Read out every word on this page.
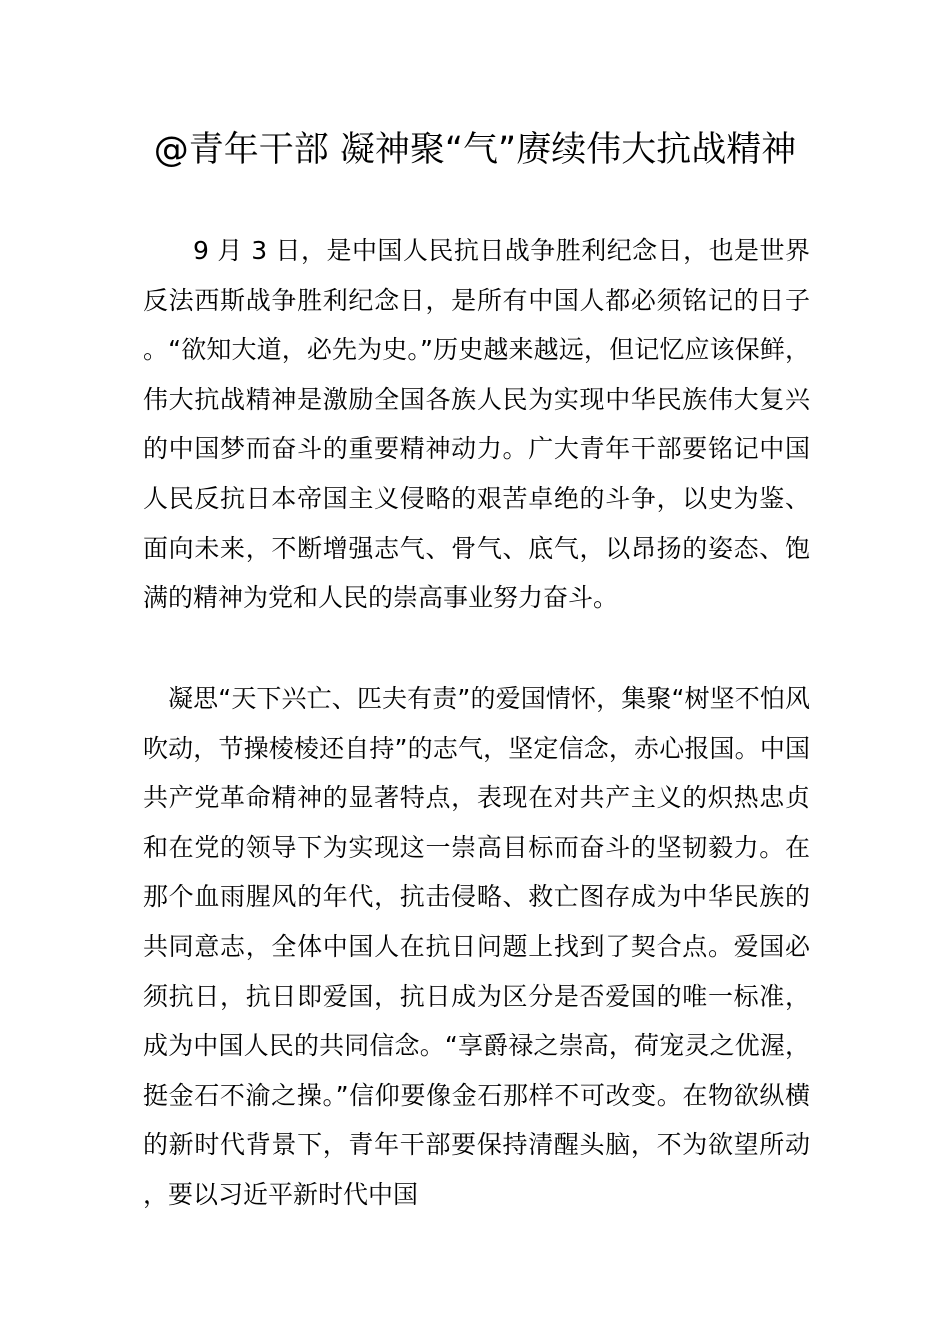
@青年干部 凝神聚“气”赓续伟大抗战精神

9 月 3 日，是中国人民抗日战争胜利纪念日，也是世界反法西斯战争胜利纪念日，是所有中国人都必须铭记的日子。“欲知大道，必先为史。”历史越来越远，但记忆应该保鲜，伟大抗战精神是激励全国各族人民为实现中华民族伟大复兴的中国梦而奋斗的重要精神动力。广大青年干部要铭记中国人民反抗日本帝国主义侵略的艰苦卓绝的斗争，以史为鉴、面向未来，不断增强志气、骨气、底气，以昂扬的姿态、饱满的精神为党和人民的崇高事业努力奋斗。

凝思“天下兴亡、匹夫有责”的爱国情怀，集聚“树坚不怕风吹动，节操棱棱还自持”的志气，坚定信念，赤心报国。中国共产党革命精神的显著特点，表现在对共产主义的炽热忠贞和在党的领导下为实现这一崇高目标而奋斗的坚韧毅力。在那个血雨腥风的年代，抗击侵略、救亡图存成为中华民族的共同意志，全体中国人在抗日问题上找到了契合点。爱国必须抗日，抗日即爱国，抗日成为区分是否爱国的唯一标准，成为中国人民的共同信念。“享爵禄之崇高，荷宠灵之优渥，挺金石不渝之操。”信仰要像金石那样不可改变。在物欲纵横的新时代背景下，青年干部要保持清醒头脑，不为欲望所动，要以习近平新时代中国
